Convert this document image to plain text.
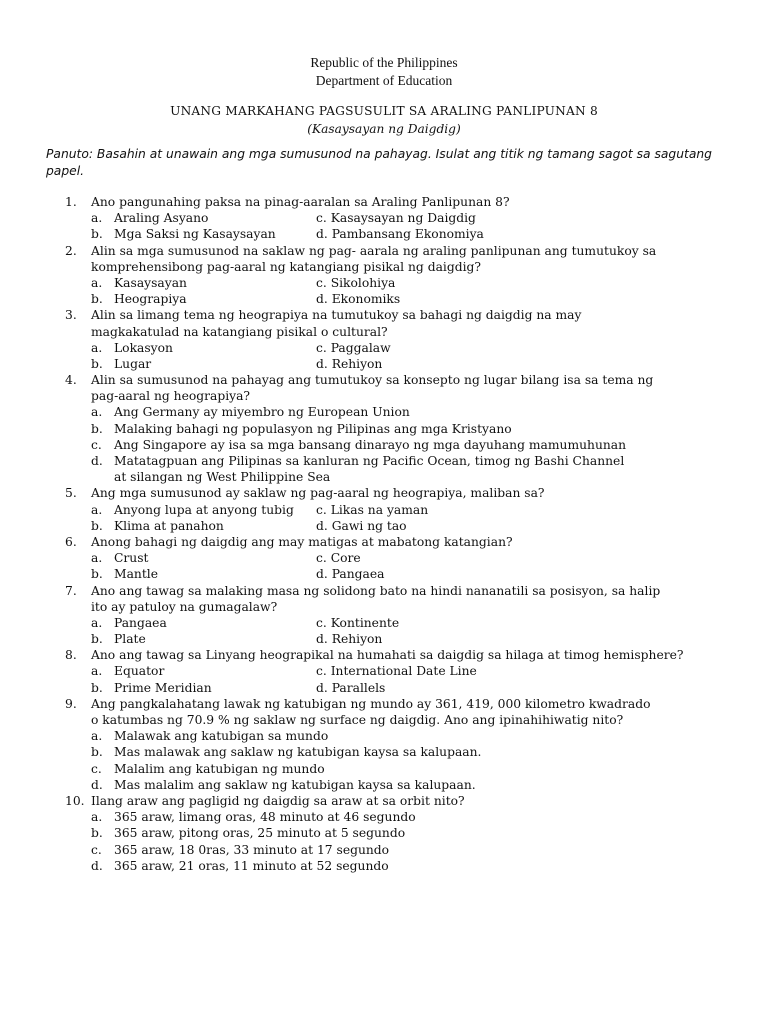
Republic of the Philippines
Department of Education
UNANG MARKAHANG PAGSUSULIT SA ARALING PANLIPUNAN 8
(Kasaysayan ng Daigdig)
Panuto: Basahin at unawain ang mga sumusunod na pahayag. Isulat ang titik ng tamang sagot sa sagutang papel.
1. Ano pangunahing paksa na pinag-aaralan sa Araling Panlipunan 8?
a. Araling Asyano	c. Kasaysayan ng Daigdig
b. Mga Saksi ng Kasaysayan	d. Pambansang Ekonomiya
2. Alin sa mga sumusunod na saklaw ng pag- aarala ng araling panlipunan ang tumutukoy sa
komprehensibong pag-aaral ng katangiang pisikal ng daigdig?
a. Kasaysayan	c. Sikolohiya
b. Heograpiya	d. Ekonomiks
3. Alin sa limang tema ng heograpiya na tumutukoy sa bahagi ng daigdig na may
magkakatulad na katangiang pisikal o cultural?
a. Lokasyon	c. Paggalaw
b. Lugar	d. Rehiyon
4. Alin sa sumusunod na pahayag ang tumutukoy sa konsepto ng lugar bilang isa sa tema ng
pag-aaral ng heograpiya?
a. Ang Germany ay miyembro ng European Union
b. Malaking bahagi ng populasyon ng Pilipinas ang mga Kristyano
c. Ang Singapore ay isa sa mga bansang dinarayo ng mga dayuhang mamumuhunan
d. Matatagpuan ang Pilipinas sa kanluran ng Pacific Ocean, timog ng Bashi Channel
at silangan ng West Philippine Sea
5. Ang mga sumusunod ay saklaw ng pag-aaral ng heograpiya, maliban sa?
a. Anyong lupa at anyong tubig c. Likas na yaman
b. Klima at panahon	d. Gawi ng tao
6. Anong bahagi ng daigdig ang may matigas at mabatong katangian?
a. Crust	c. Core
b. Mantle	d. Pangaea
7. Ano ang tawag sa malaking masa ng solidong bato na hindi nananatili sa posisyon, sa halip
ito ay patuloy na gumagalaw?
a. Pangaea	c. Kontinente
b. Plate	d. Rehiyon
8. Ano ang tawag sa Linyang heograpikal na humahati sa daigdig sa hilaga at timog hemisphere?
a. Equator	c. International Date Line
b. Prime Meridian	d. Parallels
9. Ang pangkalahatang lawak ng katubigan ng mundo ay 361, 419, 000 kilometro kwadrado
o katumbas ng 70.9 % ng saklaw ng surface ng daigdig. Ano ang ipinahihiwatig nito?
a. Malawak ang katubigan sa mundo
b. Mas malawak ang saklaw ng katubigan kaysa sa kalupaan.
c. Malalim ang katubigan ng mundo
d. Mas malalim ang saklaw ng katubigan kaysa sa kalupaan.
10. Ilang araw ang pagligid ng daigdig sa araw at sa orbit nito?
a. 365 araw, limang oras, 48 minuto at 46 segundo
b. 365 araw, pitong oras, 25 minuto at 5 segundo
c. 365 araw, 18 0ras, 33 minuto at 17 segundo
d. 365 araw, 21 oras, 11 minuto at 52 segundo
